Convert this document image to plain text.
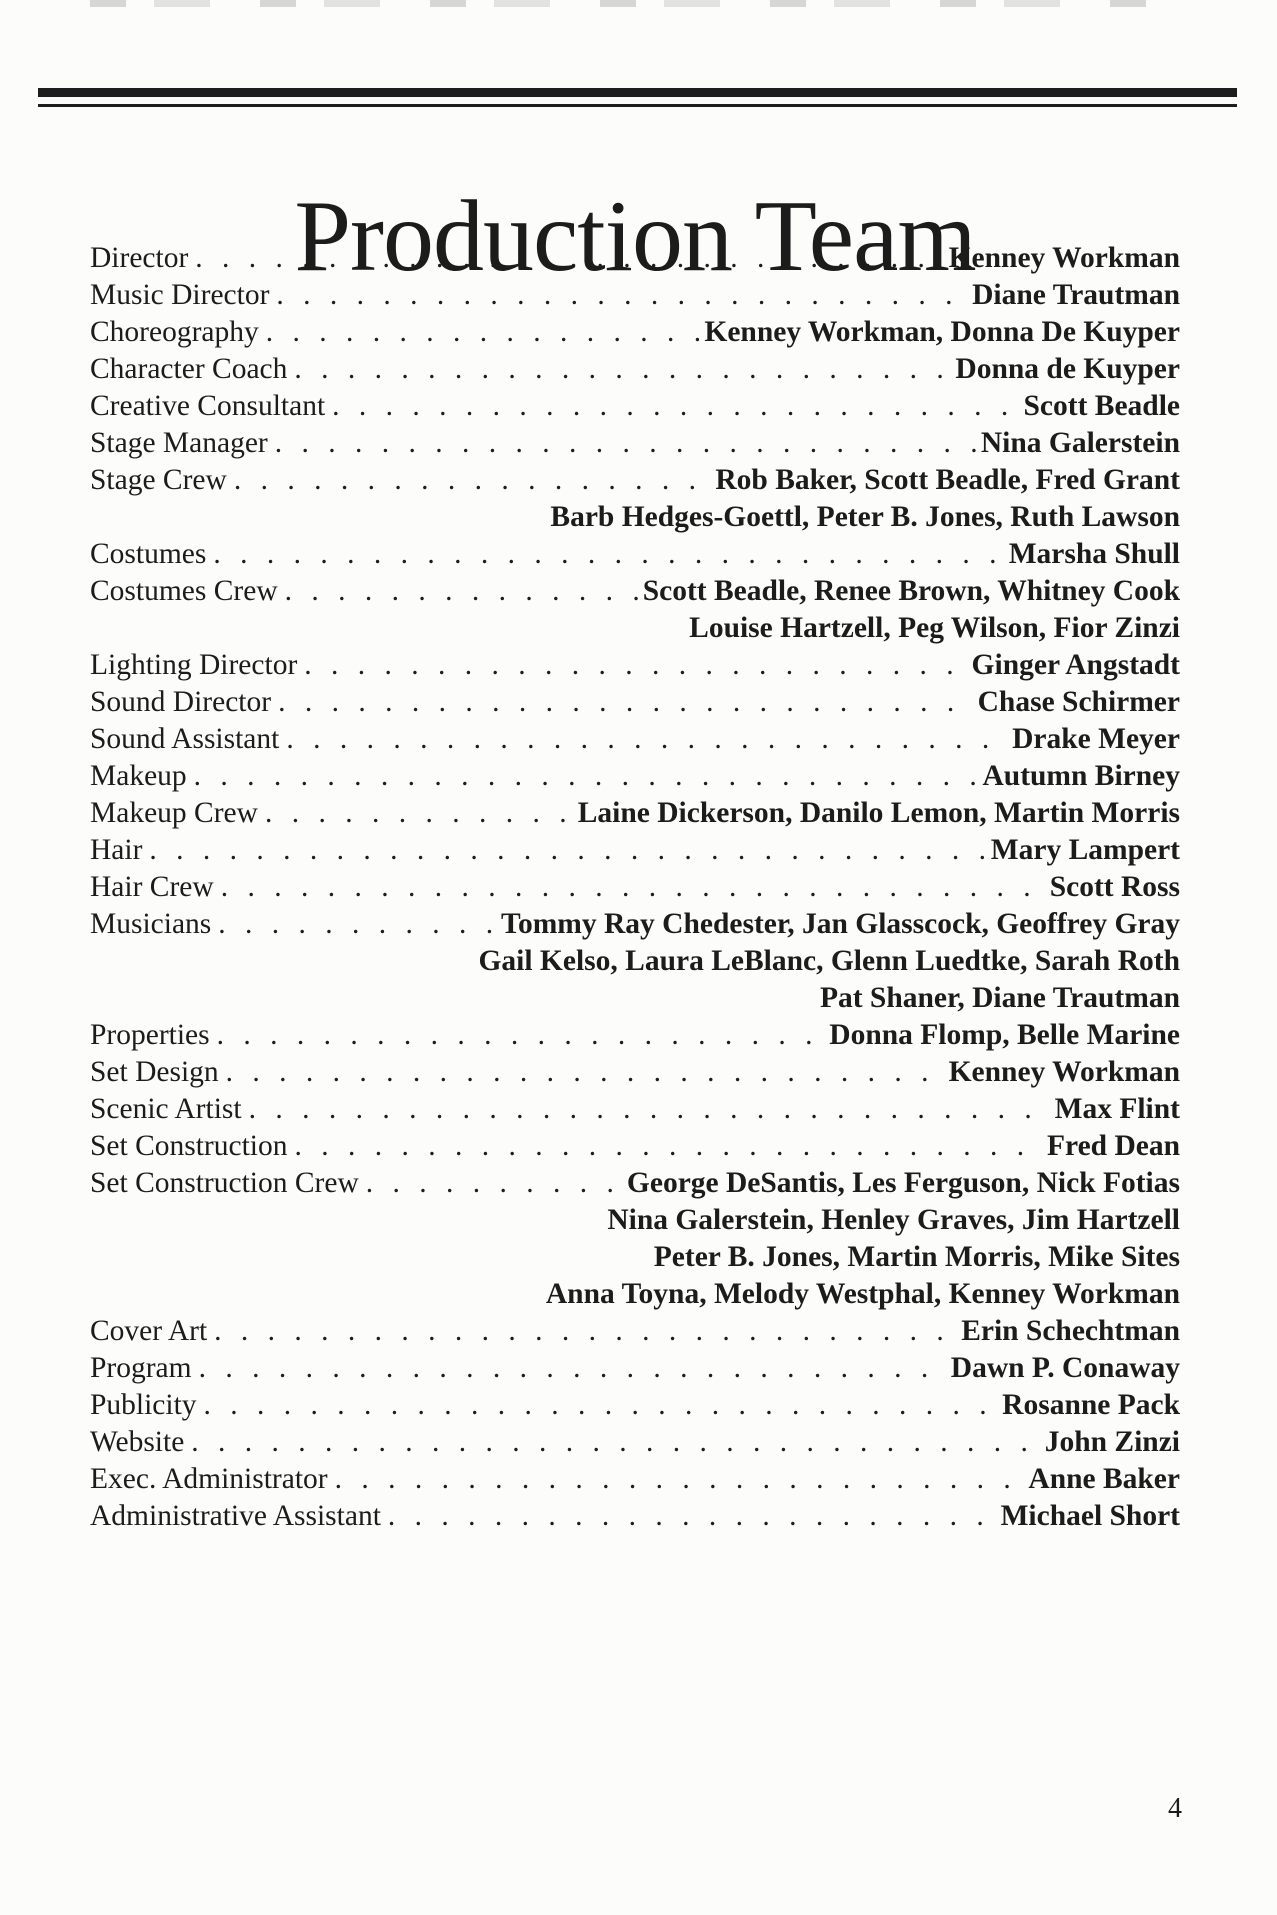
Production Team
Director . . .	Kenney Workman
Music Director . . .	Diane Trautman
Choreography . . .	Kenney Workman, Donna De Kuyper
Character Coach . . .	Donna de Kuyper
Creative Consultant . . .	Scott Beadle
Stage Manager . . .	Nina Galerstein
Stage Crew . . .	Rob Baker, Scott Beadle, Fred Grant
Barb Hedges-Goettl, Peter B. Jones, Ruth Lawson
Costumes . . .	Marsha Shull
Costumes Crew . . .	Scott Beadle, Renee Brown, Whitney Cook
Louise Hartzell, Peg Wilson, Fior Zinzi
Lighting Director . . .	Ginger Angstadt
Sound Director . . .	Chase Schirmer
Sound Assistant . . .	Drake Meyer
Makeup . . .	Autumn Birney
Makeup Crew . . .	Laine Dickerson, Danilo Lemon, Martin Morris
Hair . . .	Mary Lampert
Hair Crew . . .	Scott Ross
Musicians . . .	Tommy Ray Chedester, Jan Glasscock, Geoffrey Gray
Gail Kelso, Laura LeBlanc, Glenn Luedtke, Sarah Roth
Pat Shaner, Diane Trautman
Properties . . .	Donna Flomp, Belle Marine
Set Design . . .	Kenney Workman
Scenic Artist . . .	Max Flint
Set Construction . . .	Fred Dean
Set Construction Crew . . .	George DeSantis, Les Ferguson, Nick Fotias
Nina Galerstein, Henley Graves, Jim Hartzell
Peter B. Jones, Martin Morris, Mike Sites
Anna Toyna, Melody Westphal, Kenney Workman
Cover Art . . .	Erin Schechtman
Program . . .	Dawn P. Conaway
Publicity . . .	Rosanne Pack
Website . . .	John Zinzi
Exec. Administrator . . .	Anne Baker
Administrative Assistant . . .	Michael Short
4
